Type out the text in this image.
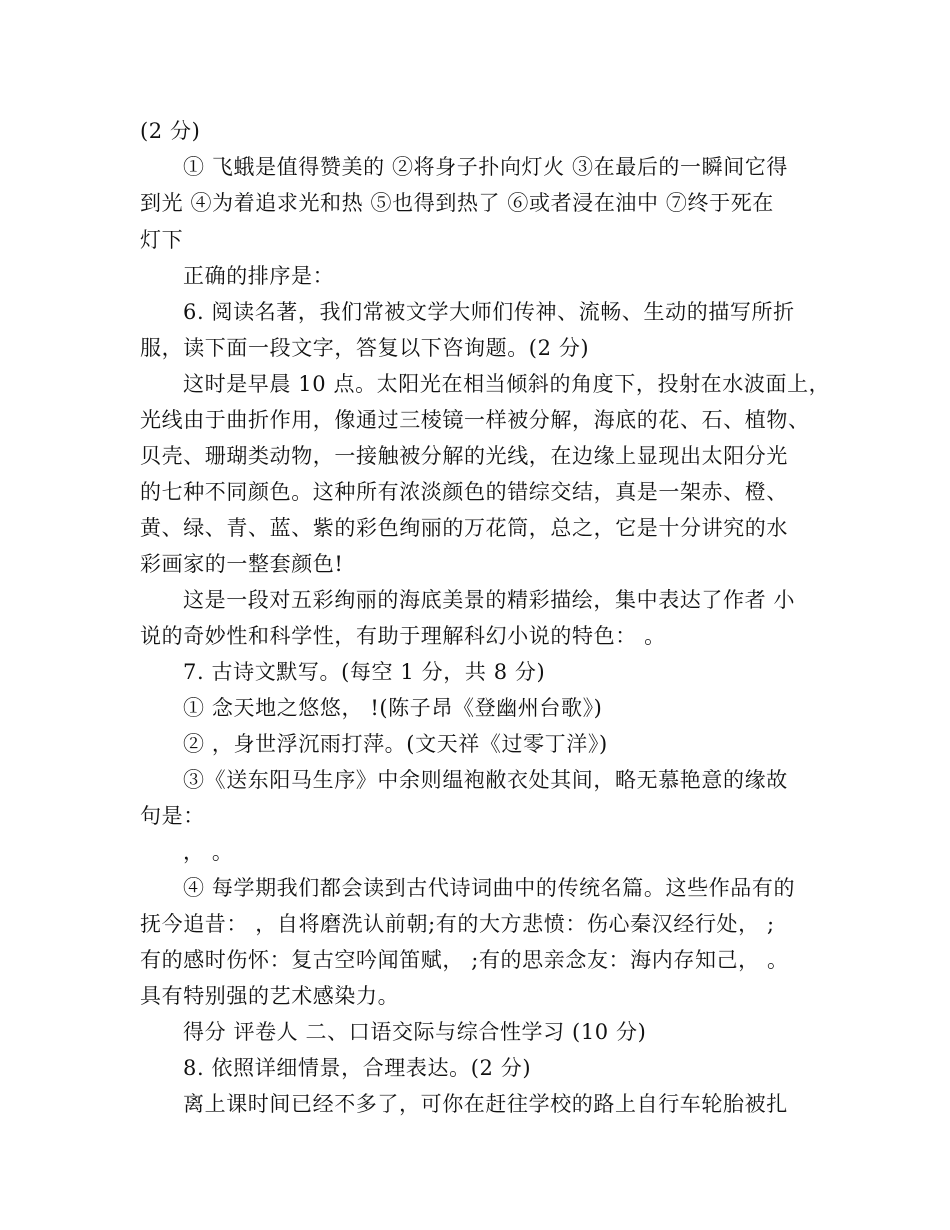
(2 分)
① 飞蛾是值得赞美的 ②将身子扑向灯火 ③在最后的一瞬间它得
到光 ④为着追求光和热 ⑤也得到热了 ⑥或者浸在油中 ⑦终于死在
灯下
正确的排序是：
6. 阅读名著，我们常被文学大师们传神、流畅、生动的描写所折
服，读下面一段文字，答复以下咨询题。(2 分)
这时是早晨 10 点。太阳光在相当倾斜的角度下，投射在水波面上，
光线由于曲折作用，像通过三棱镜一样被分解，海底的花、石、植物、
贝壳、珊瑚类动物，一接触被分解的光线，在边缘上显现出太阳分光
的七种不同颜色。这种所有浓淡颜色的错综交结，真是一架赤、橙、
黄、绿、青、蓝、紫的彩色绚丽的万花筒，总之，它是十分讲究的水
彩画家的一整套颜色!
这是一段对五彩绚丽的海底美景的精彩描绘，集中表达了作者 小
说的奇妙性和科学性，有助于理解科幻小说的特色： 。
7. 古诗文默写。(每空 1 分，共 8 分)
① 念天地之悠悠， !(陈子昂《登幽州台歌》)
② ，身世浮沉雨打萍。(文天祥《过零丁洋》)
③《送东阳马生序》中余则缊袍敝衣处其间，略无慕艳意的缘故
句是：
， 。
④ 每学期我们都会读到古代诗词曲中的传统名篇。这些作品有的
抚今追昔： ，自将磨洗认前朝;有的大方悲愤：伤心秦汉经行处， ;
有的感时伤怀：复古空吟闻笛赋， ;有的思亲念友：海内存知己， 。
具有特别强的艺术感染力。
得分 评卷人 二、口语交际与综合性学习 (10 分)
8. 依照详细情景，合理表达。(2 分)
离上课时间已经不多了，可你在赶往学校的路上自行车轮胎被扎
